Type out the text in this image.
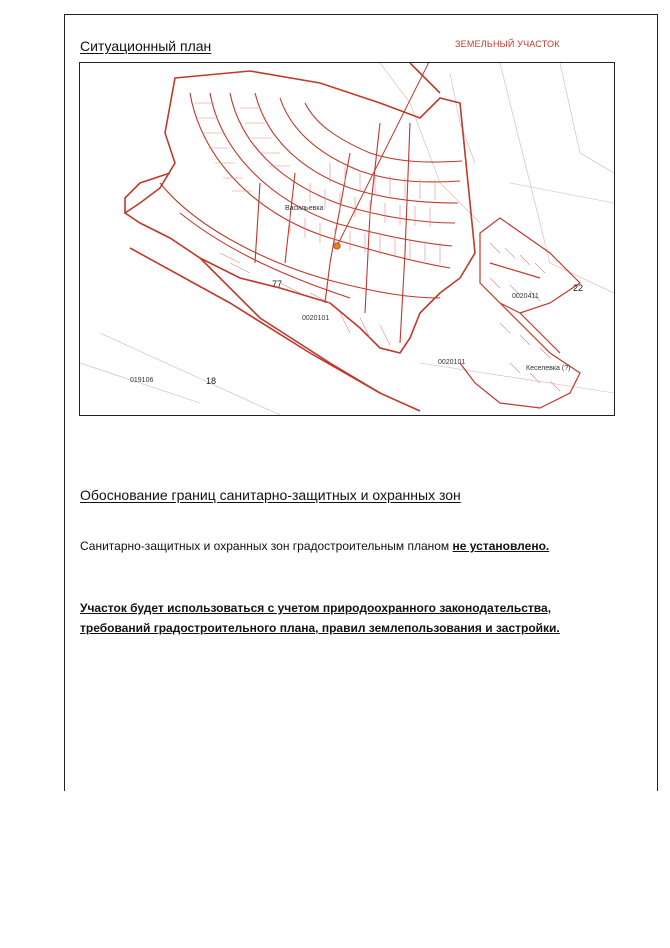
Ситуационный план	ЗЕМЕЛЬНЫЙ УЧАСТОК
Васильевка
Кеселевка (?)
77	22
18
019106
0020101
0020411
0020101
Обоснование границ санитарно-защитных и охранных зон
Санитарно-защитных и охранных зон градостроительным планом не установлено.
Участок будет использоваться с учетом природоохранного законодательства,
требований градостроительного плана, правил землепользования и застройки.
